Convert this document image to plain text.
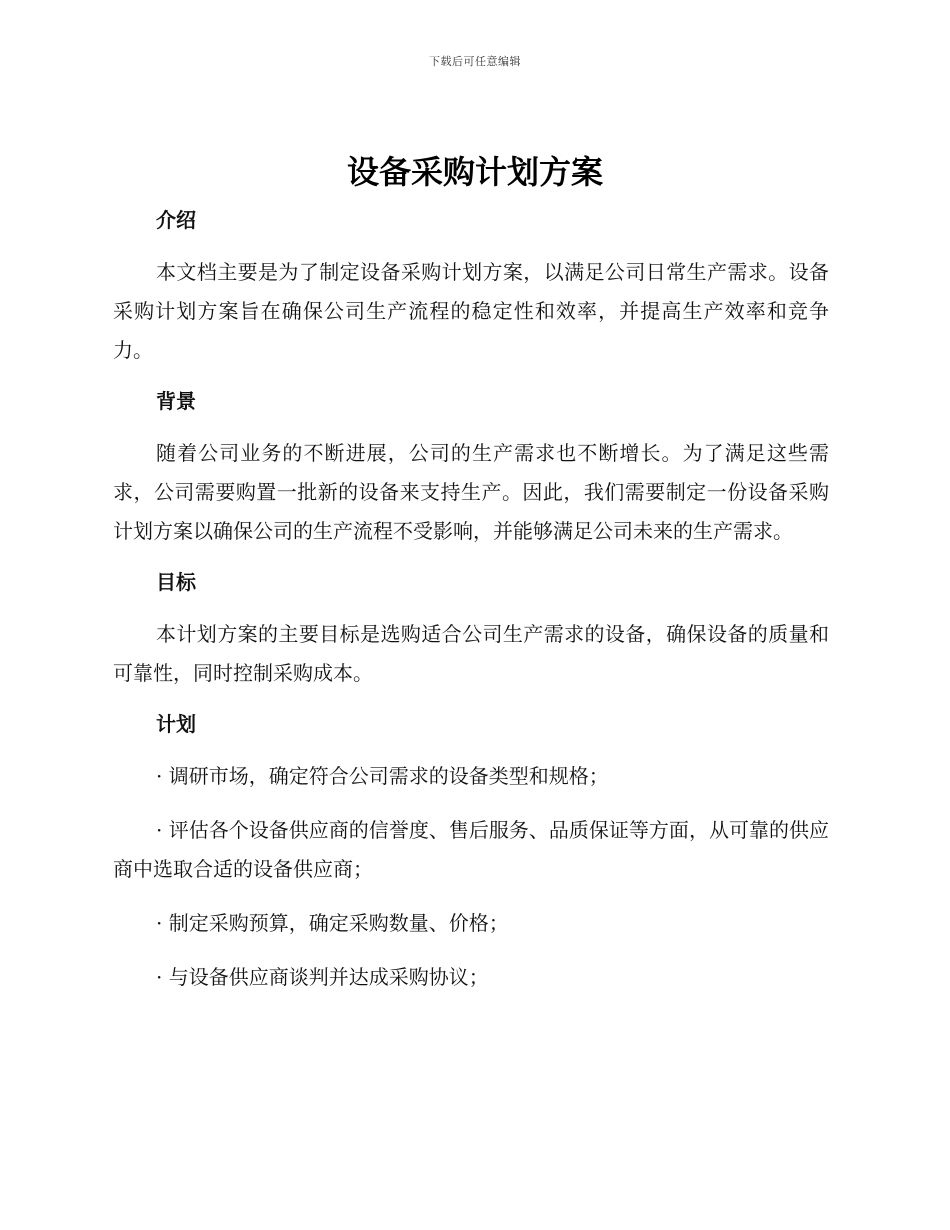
下载后可任意编辑
设备采购计划方案
介绍

本文档主要是为了制定设备采购计划方案，以满足公司日常生产需求。设备采购计划方案旨在确保公司生产流程的稳定性和效率，并提高生产效率和竞争力。

背景

随着公司业务的不断进展，公司的生产需求也不断增长。为了满足这些需求，公司需要购置一批新的设备来支持生产。因此，我们需要制定一份设备采购计划方案以确保公司的生产流程不受影响，并能够满足公司未来的生产需求。

目标

本计划方案的主要目标是选购适合公司生产需求的设备，确保设备的质量和可靠性，同时控制采购成本。

计划

· 调研市场，确定符合公司需求的设备类型和规格；

· 评估各个设备供应商的信誉度、售后服务、品质保证等方面，从可靠的供应商中选取合适的设备供应商；

· 制定采购预算，确定采购数量、价格；

· 与设备供应商谈判并达成采购协议；
